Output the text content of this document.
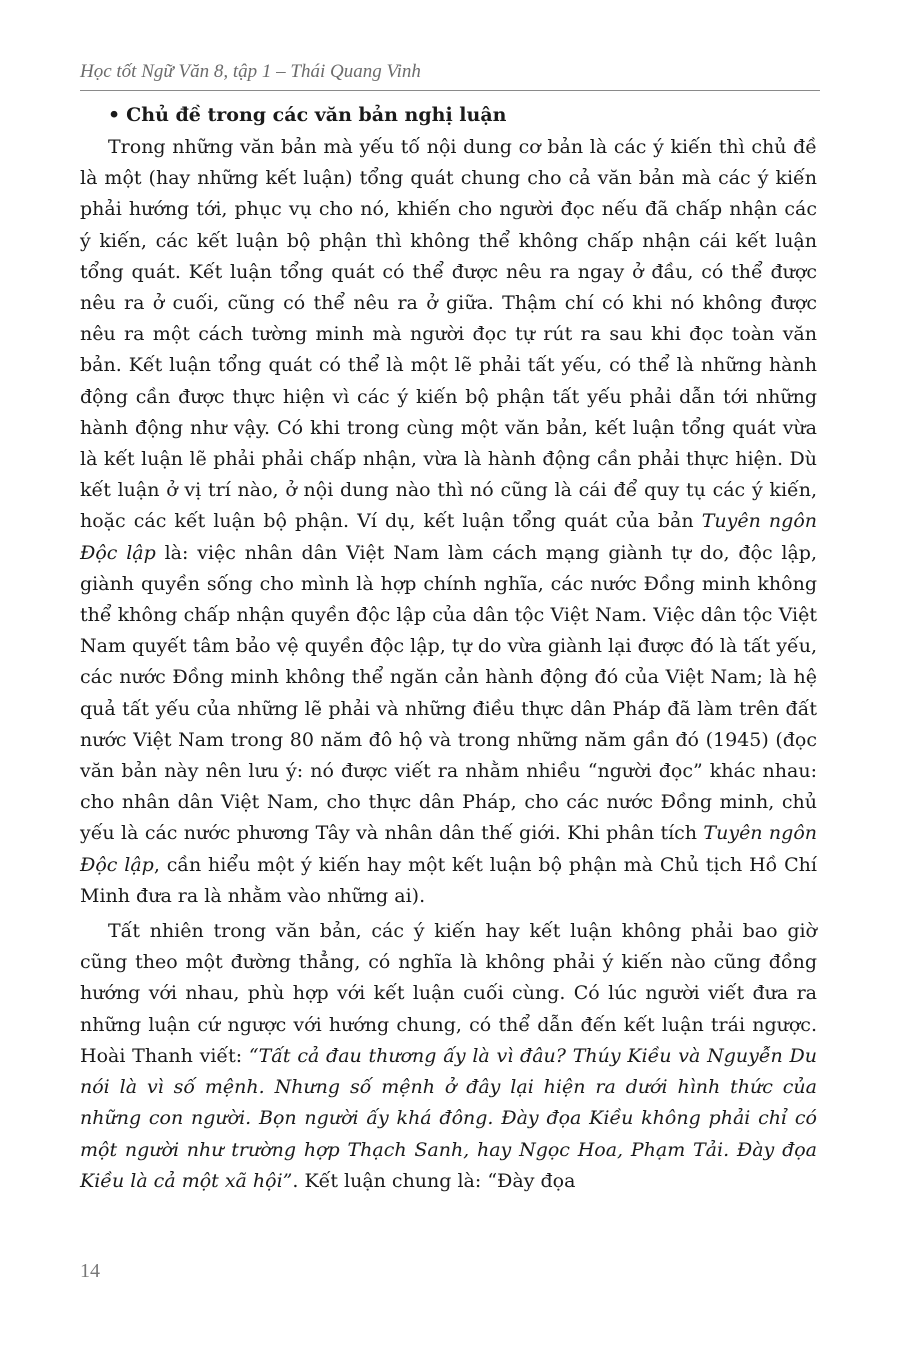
Học tốt Ngữ Văn 8, tập 1 – Thái Quang Vinh
• Chủ đề trong các văn bản nghị luận

Trong những văn bản mà yếu tố nội dung cơ bản là các ý kiến thì chủ đề là một (hay những kết luận) tổng quát chung cho cả văn bản mà các ý kiến phải hướng tới, phục vụ cho nó, khiến cho người đọc nếu đã chấp nhận các ý kiến, các kết luận bộ phận thì không thể không chấp nhận cái kết luận tổng quát. Kết luận tổng quát có thể được nêu ra ngay ở đầu, có thể được nêu ra ở cuối, cũng có thể nêu ra ở giữa. Thậm chí có khi nó không được nêu ra một cách tường minh mà người đọc tự rút ra sau khi đọc toàn văn bản. Kết luận tổng quát có thể là một lẽ phải tất yếu, có thể là những hành động cần được thực hiện vì các ý kiến bộ phận tất yếu phải dẫn tới những hành động như vậy. Có khi trong cùng một văn bản, kết luận tổng quát vừa là kết luận lẽ phải phải chấp nhận, vừa là hành động cần phải thực hiện. Dù kết luận ở vị trí nào, ở nội dung nào thì nó cũng là cái để quy tụ các ý kiến, hoặc các kết luận bộ phận. Ví dụ, kết luận tổng quát của bản Tuyên ngôn Độc lập là: việc nhân dân Việt Nam làm cách mạng giành tự do, độc lập, giành quyền sống cho mình là hợp chính nghĩa, các nước Đồng minh không thể không chấp nhận quyền độc lập của dân tộc Việt Nam. Việc dân tộc Việt Nam quyết tâm bảo vệ quyền độc lập, tự do vừa giành lại được đó là tất yếu, các nước Đồng minh không thể ngăn cản hành động đó của Việt Nam; là hệ quả tất yếu của những lẽ phải và những điều thực dân Pháp đã làm trên đất nước Việt Nam trong 80 năm đô hộ và trong những năm gần đó (1945) (đọc văn bản này nên lưu ý: nó được viết ra nhằm nhiều “người đọc” khác nhau: cho nhân dân Việt Nam, cho thực dân Pháp, cho các nước Đồng minh, chủ yếu là các nước phương Tây và nhân dân thế giới. Khi phân tích Tuyên ngôn Độc lập, cần hiểu một ý kiến hay một kết luận bộ phận mà Chủ tịch Hồ Chí Minh đưa ra là nhằm vào những ai).

Tất nhiên trong văn bản, các ý kiến hay kết luận không phải bao giờ cũng theo một đường thẳng, có nghĩa là không phải ý kiến nào cũng đồng hướng với nhau, phù hợp với kết luận cuối cùng. Có lúc người viết đưa ra những luận cứ ngược với hướng chung, có thể dẫn đến kết luận trái ngược. Hoài Thanh viết: “Tất cả đau thương ấy là vì đâu? Thúy Kiều và Nguyễn Du nói là vì số mệnh. Nhưng số mệnh ở đây lại hiện ra dưới hình thức của những con người. Bọn người ấy khá đông. Đày đọa Kiều không phải chỉ có một người như trường hợp Thạch Sanh, hay Ngọc Hoa, Phạm Tải. Đày đọa Kiều là cả một xã hội”. Kết luận chung là: “Đày đọa

14
